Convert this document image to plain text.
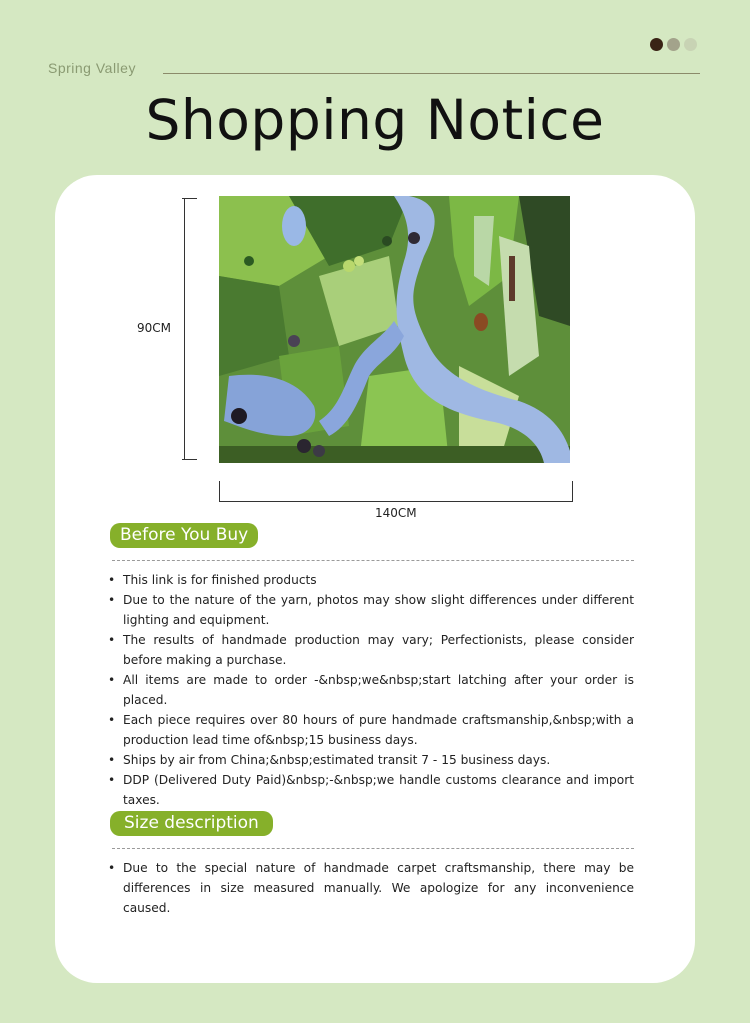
Spring Valley
Shopping Notice
90CM
140CM
Before You Buy
• This link is for finished products
• Due to the nature of the yarn, photos may show slight differences under different lighting and equipment.
• The results of handmade production may vary; Perfectionists, please consider before making a purchase.
• All items are made to order -&nbsp;we&nbsp;start latching after your order is placed.
• Each piece requires over 80 hours of pure handmade craftsmanship,&nbsp;with a production lead time of&nbsp;15 business days.
• Ships by air from China;&nbsp;estimated transit 7 - 15 business days.
• DDP (Delivered Duty Paid)&nbsp;-&nbsp;we handle customs clearance and import taxes.
Size description
• Due to the special nature of handmade carpet craftsmanship, there may be differences in size measured manually. We apologize for any inconvenience caused.
